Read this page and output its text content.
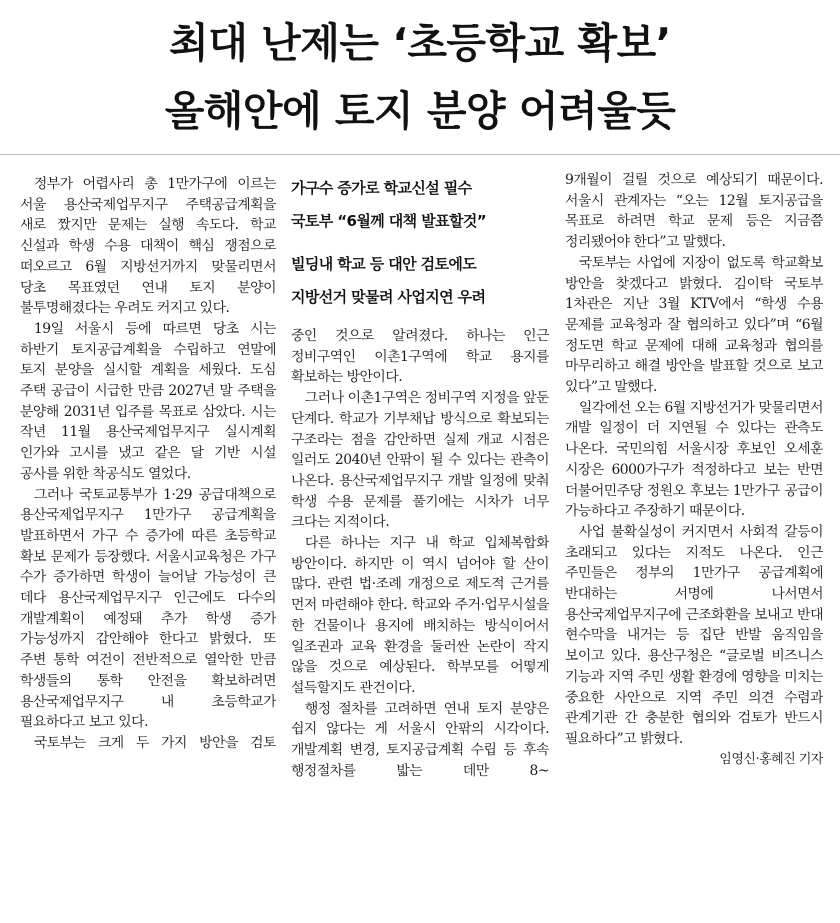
최대 난제는 ‘초등학교 확보’
올해안에 토지 분양 어려울듯

정부가 어렵사리 총 1만가구에 이르는 서울 용산국제업무지구 주택공급계획을 새로 짰지만 문제는 실행 속도다. 학교 신설과 학생 수용 대책이 핵심 쟁점으로 떠오르고 6월 지방선거까지 맞물리면서 당초 목표였던 연내 토지 분양이 불투명해졌다는 우려도 커지고 있다.

19일 서울시 등에 따르면 당초 시는 하반기 토지공급계획을 수립하고 연말에 토지 분양을 실시할 계획을 세웠다. 도심 주택 공급이 시급한 만큼 2027년 말 주택을 분양해 2031년 입주를 목표로 삼았다. 시는 작년 11월 용산국제업무지구 실시계획 인가와 고시를 냈고 같은 달 기반 시설 공사를 위한 착공식도 열었다.

그러나 국토교통부가 1·29 공급대책으로 용산국제업무지구 1만가구 공급계획을 발표하면서 가구 수 증가에 따른 초등학교 확보 문제가 등장했다. 서울시교육청은 가구 수가 증가하면 학생이 늘어날 가능성이 큰 데다 용산국제업무지구 인근에도 다수의 개발계획이 예정돼 추가 학생 증가 가능성까지 감안해야 한다고 밝혔다. 또 주변 통학 여건이 전반적으로 열악한 만큼 학생들의 통학 안전을 확보하려면 용산국제업무지구 내 초등학교가 필요하다고 보고 있다.

국토부는 크게 두 가지 방안을 검토

가구수 증가로 학교신설 필수
국토부 “6월께 대책 발표할것”
빌딩내 학교 등 대안 검토에도
지방선거 맞물려 사업지연 우려

중인 것으로 알려졌다. 하나는 인근 정비구역인 이촌1구역에 학교 용지를 확보하는 방안이다.

그러나 이촌1구역은 정비구역 지정을 앞둔 단계다. 학교가 기부채납 방식으로 확보되는 구조라는 점을 감안하면 실제 개교 시점은 일러도 2040년 안팎이 될 수 있다는 관측이 나온다. 용산국제업무지구 개발 일정에 맞춰 학생 수용 문제를 풀기에는 시차가 너무 크다는 지적이다.

다른 하나는 지구 내 학교 입체복합화 방안이다. 하지만 이 역시 넘어야 할 산이 많다. 관련 법·조례 개정으로 제도적 근거를 먼저 마련해야 한다. 학교와 주거·업무시설을 한 건물이나 용지에 배치하는 방식이어서 일조권과 교육 환경을 둘러싼 논란이 작지 않을 것으로 예상된다. 학부모를 어떻게 설득할지도 관건이다.

행정 절차를 고려하면 연내 토지 분양은 쉽지 않다는 게 서울시 안팎의 시각이다. 개발계획 변경, 토지공급계획 수립 등 후속 행정절차를 밟는 데만 8~

9개월이 걸릴 것으로 예상되기 때문이다. 서울시 관계자는 “오는 12월 토지공급을 목표로 하려면 학교 문제 등은 지금쯤 정리됐어야 한다”고 말했다.

국토부는 사업에 지장이 없도록 학교확보 방안을 찾겠다고 밝혔다. 김이탁 국토부 1차관은 지난 3월 KTV에서 “학생 수용 문제를 교육청과 잘 협의하고 있다”며 “6월 정도면 학교 문제에 대해 교육청과 협의를 마무리하고 해결 방안을 발표할 것으로 보고 있다”고 말했다.

일각에선 오는 6월 지방선거가 맞물리면서 개발 일정이 더 지연될 수 있다는 관측도 나온다. 국민의힘 서울시장 후보인 오세훈 시장은 6000가구가 적정하다고 보는 반면 더불어민주당 정원오 후보는 1만가구 공급이 가능하다고 주장하기 때문이다.

사업 불확실성이 커지면서 사회적 갈등이 초래되고 있다는 지적도 나온다. 인근 주민들은 정부의 1만가구 공급계획에 반대하는 서명에 나서면서 용산국제업무지구에 근조화환을 보내고 반대 현수막을 내거는 등 집단 반발 움직임을 보이고 있다. 용산구청은 “글로벌 비즈니스 기능과 지역 주민 생활 환경에 영향을 미치는 중요한 사안으로 지역 주민 의견 수렴과 관계기관 간 충분한 협의와 검토가 반드시 필요하다”고 밝혔다.

임영신·홍혜진 기자
